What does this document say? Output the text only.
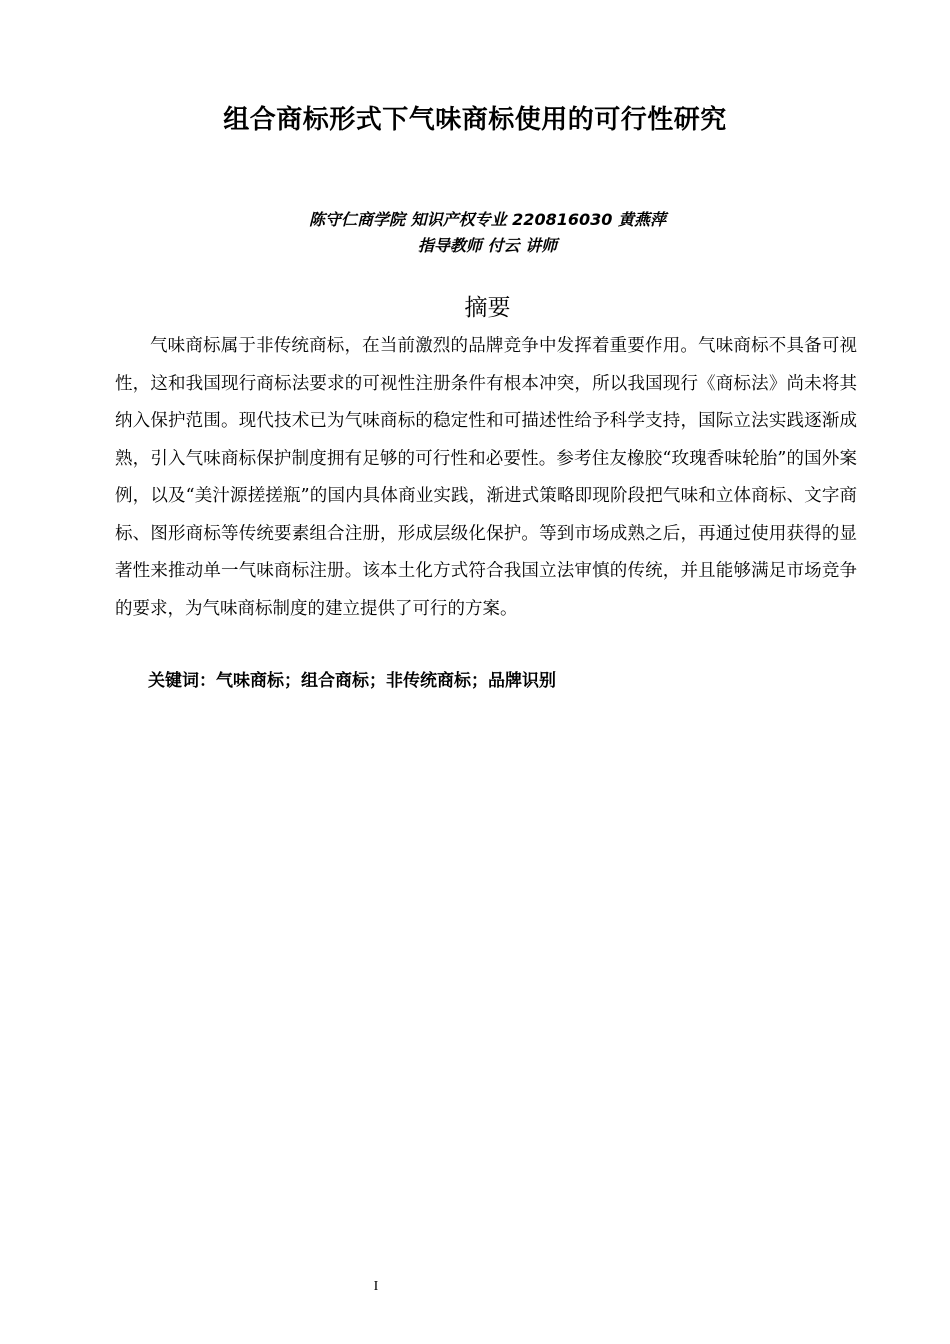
组合商标形式下气味商标使用的可行性研究
陈守仁商学院 知识产权专业 220816030 黄燕萍
指导教师 付云 讲师
摘要

气味商标属于非传统商标，在当前激烈的品牌竞争中发挥着重要作用。气味商标不具备可视性，这和我国现行商标法要求的可视性注册条件有根本冲突，所以我国现行《商标法》尚未将其纳入保护范围。现代技术已为气味商标的稳定性和可描述性给予科学支持，国际立法实践逐渐成熟，引入气味商标保护制度拥有足够的可行性和必要性。参考住友橡胶“玫瑰香味轮胎”的国外案例，以及“美汁源搓搓瓶”的国内具体商业实践，渐进式策略即现阶段把气味和立体商标、文字商标、图形商标等传统要素组合注册，形成层级化保护。等到市场成熟之后，再通过使用获得的显著性来推动单一气味商标注册。该本土化方式符合我国立法审慎的传统，并且能够满足市场竞争的要求，为气味商标制度的建立提供了可行的方案。

关键词：气味商标；组合商标；非传统商标；品牌识别
I
